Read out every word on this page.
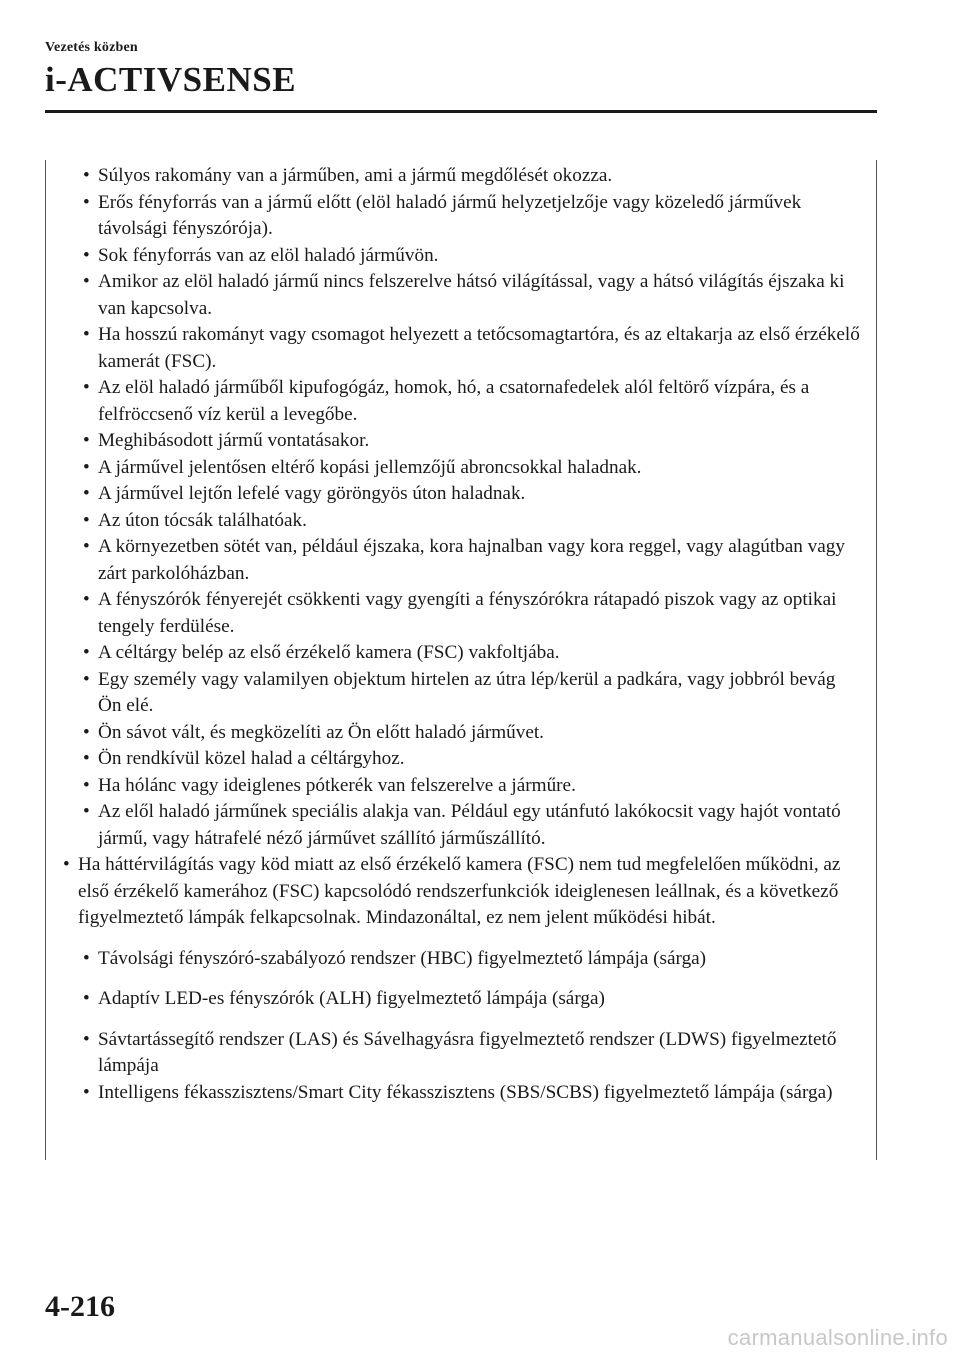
Vezetés közben
i-ACTIVSENSE
• Súlyos rakomány van a járműben, ami a jármű megdőlését okozza.
• Erős fényforrás van a jármű előtt (elöl haladó jármű helyzetjelzője vagy közeledő járművek távolsági fényszórója).
• Sok fényforrás van az elöl haladó járművön.
• Amikor az elöl haladó jármű nincs felszerelve hátsó világítással, vagy a hátsó világítás éjszaka ki van kapcsolva.
• Ha hosszú rakományt vagy csomagot helyezett a tetőcsomagtartóra, és az eltakarja az első érzékelő kamerát (FSC).
• Az elöl haladó járműből kipufogógáz, homok, hó, a csatornafedelek alól feltörő vízpára, és a felfröccsenő víz kerül a levegőbe.
• Meghibásodott jármű vontatásakor.
• A járművel jelentősen eltérő kopási jellemzőjű abroncsokkal haladnak.
• A járművel lejtőn lefelé vagy göröngyös úton haladnak.
• Az úton tócsák találhatóak.
• A környezetben sötét van, például éjszaka, kora hajnalban vagy kora reggel, vagy alagútban vagy zárt parkolóházban.
• A fényszórók fényerejét csökkenti vagy gyengíti a fényszórókra rátapadó piszok vagy az optikai tengely ferdülése.
• A céltárgy belép az első érzékelő kamera (FSC) vakfoltjába.
• Egy személy vagy valamilyen objektum hirtelen az útra lép/kerül a padkára, vagy jobbról bevág Ön elé.
• Ön sávot vált, és megközelíti az Ön előtt haladó járművet.
• Ön rendkívül közel halad a céltárgyhoz.
• Ha hólánc vagy ideiglenes pótkerék van felszerelve a járműre.
• Az elől haladó járműnek speciális alakja van. Például egy utánfutó lakókocsit vagy hajót vontató jármű, vagy hátrafelé néző járművet szállító járműszállító.
• Ha háttérvilágítás vagy köd miatt az első érzékelő kamera (FSC) nem tud megfelelően működni, az első érzékelő kamerához (FSC) kapcsolódó rendszerfunkciók ideiglenesen leállnak, és a következő figyelmeztető lámpák felkapcsolnak. Mindazonáltal, ez nem jelent működési hibát.
• Távolsági fényszóró-szabályozó rendszer (HBC) figyelmeztető lámpája (sárga)
• Adaptív LED-es fényszórók (ALH) figyelmeztető lámpája (sárga)
• Sávtartássegítő rendszer (LAS) és Sávelhagyásra figyelmeztető rendszer (LDWS) figyelmeztető lámpája
• Intelligens fékasszisztens/Smart City fékasszisztens (SBS/SCBS) figyelmeztető lámpája (sárga)
4-216
carmanualsonline.info
